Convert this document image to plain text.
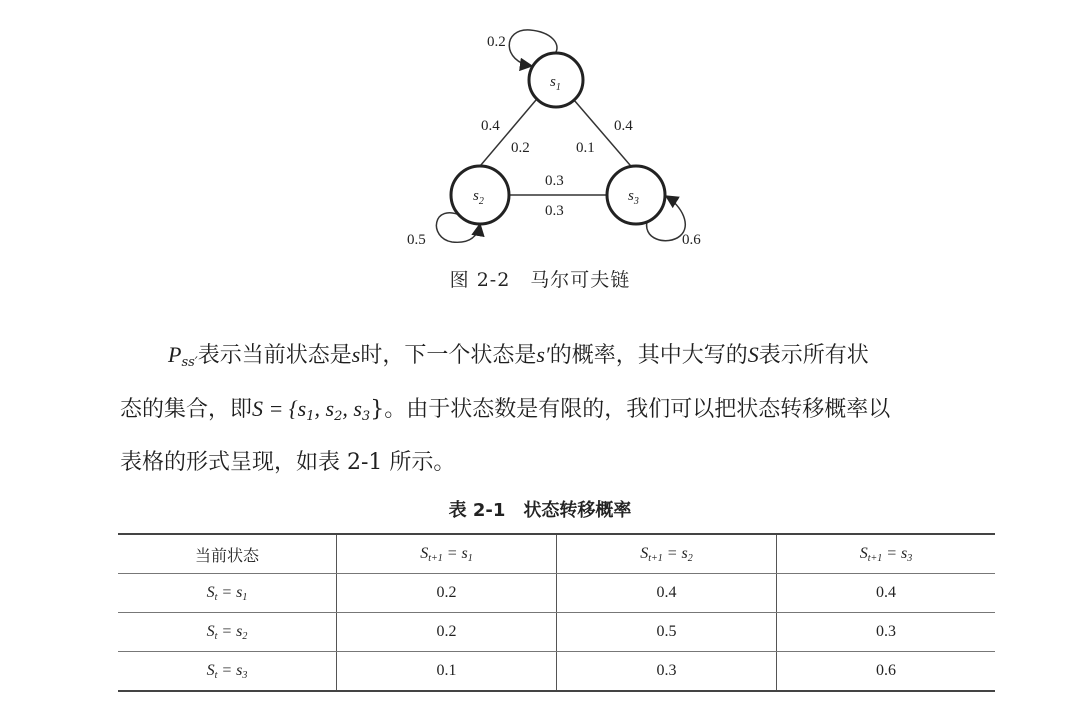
$s_1$
$s_2$	$s_3$
0.2
0.5	0.6
0.4
0.2
0.4
0.1
0.3
0.3
图 2-2　马尔可夫链

$P_{ss'}$表示当前状态是s时，下一个状态是s′的概率，其中大写的S表示所有状
态的集合，即$S = \{s_1$, $s_2$, $s_3$}。由于状态数是有限的，我们可以把状态转移概率以
表格的形式呈现，如表 2-1 所示。

表 2-1　状态转移概率
当前状态	$S_{t+1} = s_1$	$S_{t+1} = s_2$	$S_{t+1} = s_3$
$S_t = s_1$	0.2	0.4	0.4
$S_t = s_2$	0.2	0.5	0.3
$S_t = s_3$	0.1	0.3	0.6
